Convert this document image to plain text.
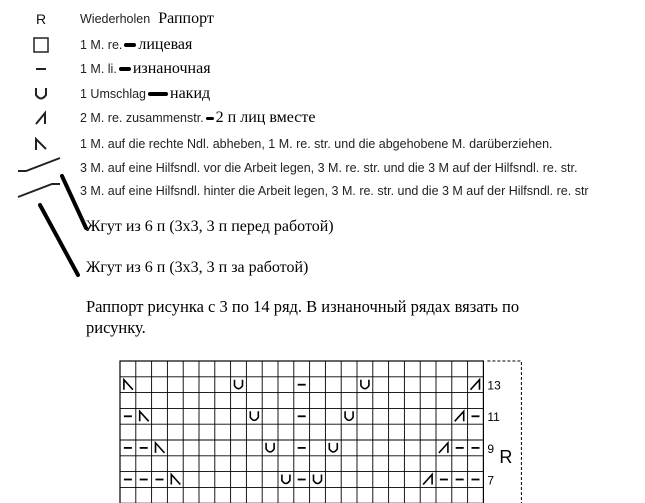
R	Wiederholen Раппорт
1 M. re. лицевая
1 M. li. изнаночная
1 Umschlag накид
2 M. re. zusammenstr. 2 п лиц вместе
1 M. auf die rechte Ndl. abheben, 1 M. re. str. und die abgehobene M. darüberziehen.
3 M. auf eine Hilfsndl. vor die Arbeit legen, 3 M. re. str. und die 3 M auf der Hilfsndl. re. str.
3 M. auf eine Hilfsndl. hinter die Arbeit legen, 3 M. re. str. und die 3 M auf der Hilfsndl. re. str
Жгут из 6 п (3х3, 3 п перед работой)
Жгут из 6 п (3х3, 3 п за работой)
Раппорт рисунка с 3 по 14 ряд. В изнаночный рядах вязать по
рисунку.
13
11
9
7
R
